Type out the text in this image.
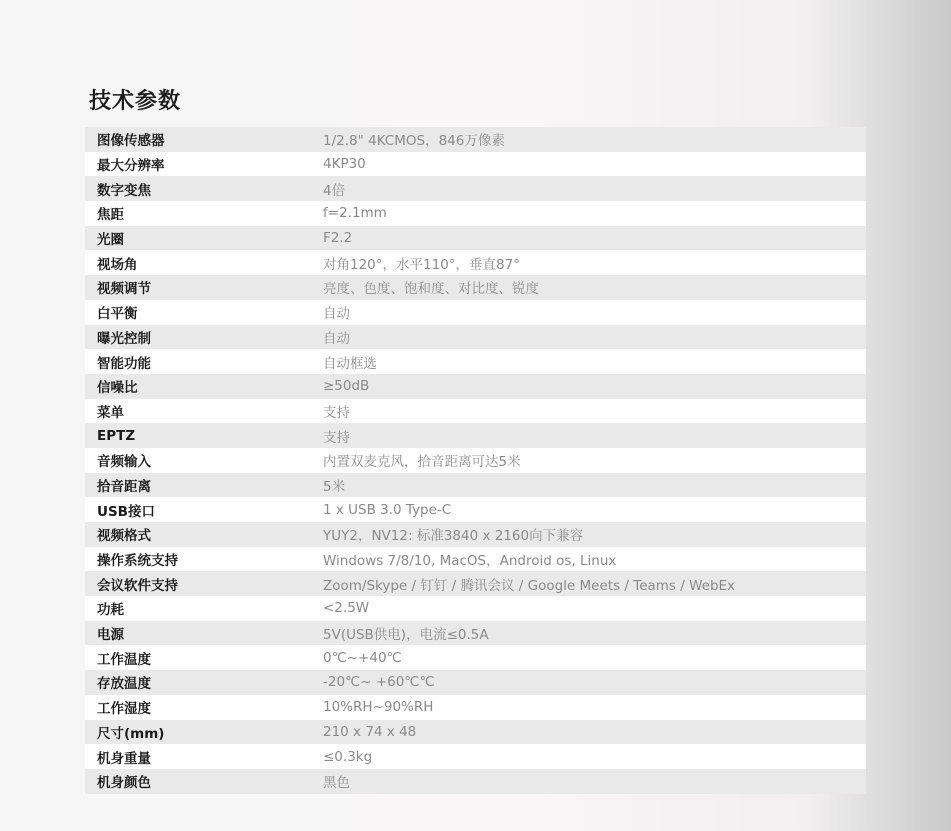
技术参数
图像传感器	1/2.8" 4KCMOS，846万像素
最大分辨率	4KP30
数字变焦	4倍
焦距	f=2.1mm
光圈	F2.2
视场角	对角120°，水平110°，垂直87°
视频调节	亮度、色度、饱和度、对比度、锐度
白平衡	自动
曝光控制	自动
智能功能	自动框选
信噪比	≥50dB
菜单	支持
EPTZ	支持
音频输入	内置双麦克风，拾音距离可达5米
拾音距离	5米
USB接口	1 x USB 3.0 Type-C
视频格式	YUY2，NV12: 标准3840 x 2160向下兼容
操作系统支持	Windows 7/8/10, MacOS，Android os, Linux
会议软件支持	Zoom/Skype / 钉钉 / 腾讯会议 / Google Meets / Teams / WebEx
功耗	<2.5W
电源	5V(USB供电)，电流≤0.5A
工作温度	0℃~+40℃
存放温度	-20℃~ +60℃℃
工作湿度	10%RH~90%RH
尺寸(mm)	210 x 74 x 48
机身重量	≤0.3kg
机身颜色	黑色
